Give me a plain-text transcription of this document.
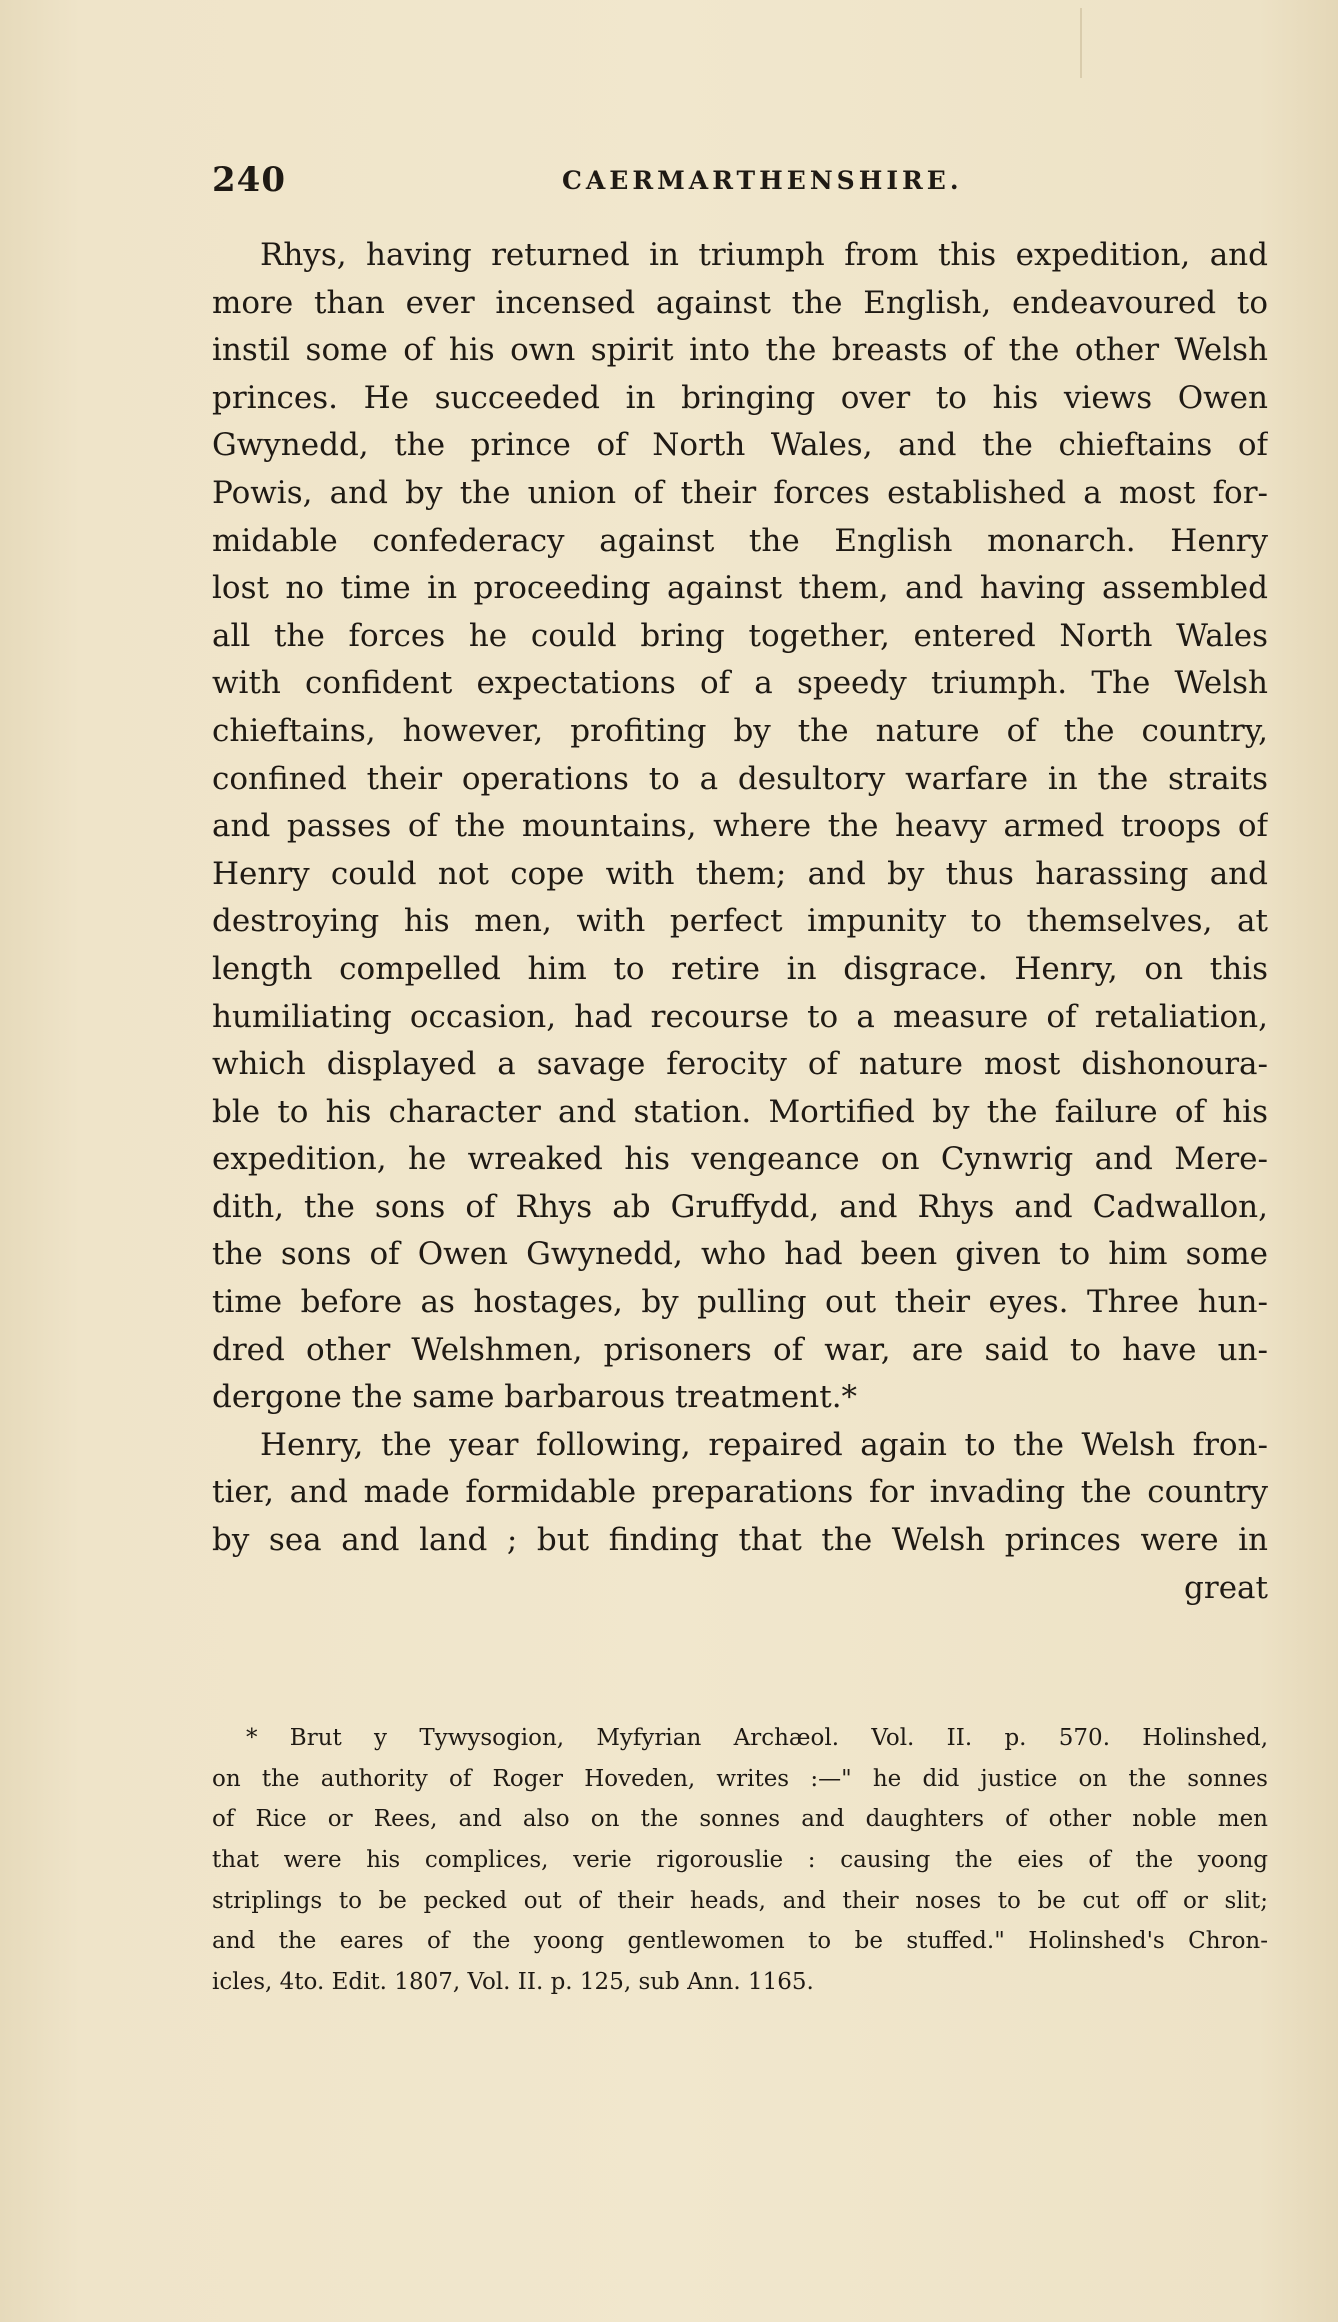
240	CAERMARTHENSHIRE.
Rhys, having returned in triumph from this expedition, and
more than ever incensed against the English, endeavoured to
instil some of his own spirit into the breasts of the other Welsh
princes. He succeeded in bringing over to his views Owen
Gwynedd, the prince of North Wales, and the chieftains of
Powis, and by the union of their forces established a most for-
midable confederacy against the English monarch. Henry
lost no time in proceeding against them, and having assembled
all the forces he could bring together, entered North Wales
with confident expectations of a speedy triumph. The Welsh
chieftains, however, profiting by the nature of the country,
confined their operations to a desultory warfare in the straits
and passes of the mountains, where the heavy armed troops of
Henry could not cope with them; and by thus harassing and
destroying his men, with perfect impunity to themselves, at
length compelled him to retire in disgrace. Henry, on this
humiliating occasion, had recourse to a measure of retaliation,
which displayed a savage ferocity of nature most dishonoura-
ble to his character and station. Mortified by the failure of his
expedition, he wreaked his vengeance on Cynwrig and Mere-
dith, the sons of Rhys ab Gruffydd, and Rhys and Cadwallon,
the sons of Owen Gwynedd, who had been given to him some
time before as hostages, by pulling out their eyes. Three hun-
dred other Welshmen, prisoners of war, are said to have un-
dergone the same barbarous treatment.*
Henry, the year following, repaired again to the Welsh fron-
tier, and made formidable preparations for invading the country
by sea and land ; but finding that the Welsh princes were in
great
* Brut y Tywysogion, Myfyrian Archæol. Vol. II. p. 570. Holinshed,
on the authority of Roger Hoveden, writes :—" he did justice on the sonnes
of Rice or Rees, and also on the sonnes and daughters of other noble men
that were his complices, verie rigorouslie : causing the eies of the yoong
striplings to be pecked out of their heads, and their noses to be cut off or slit;
and the eares of the yoong gentlewomen to be stuffed." Holinshed's Chron-
icles, 4to. Edit. 1807, Vol. II. p. 125, sub Ann. 1165.
